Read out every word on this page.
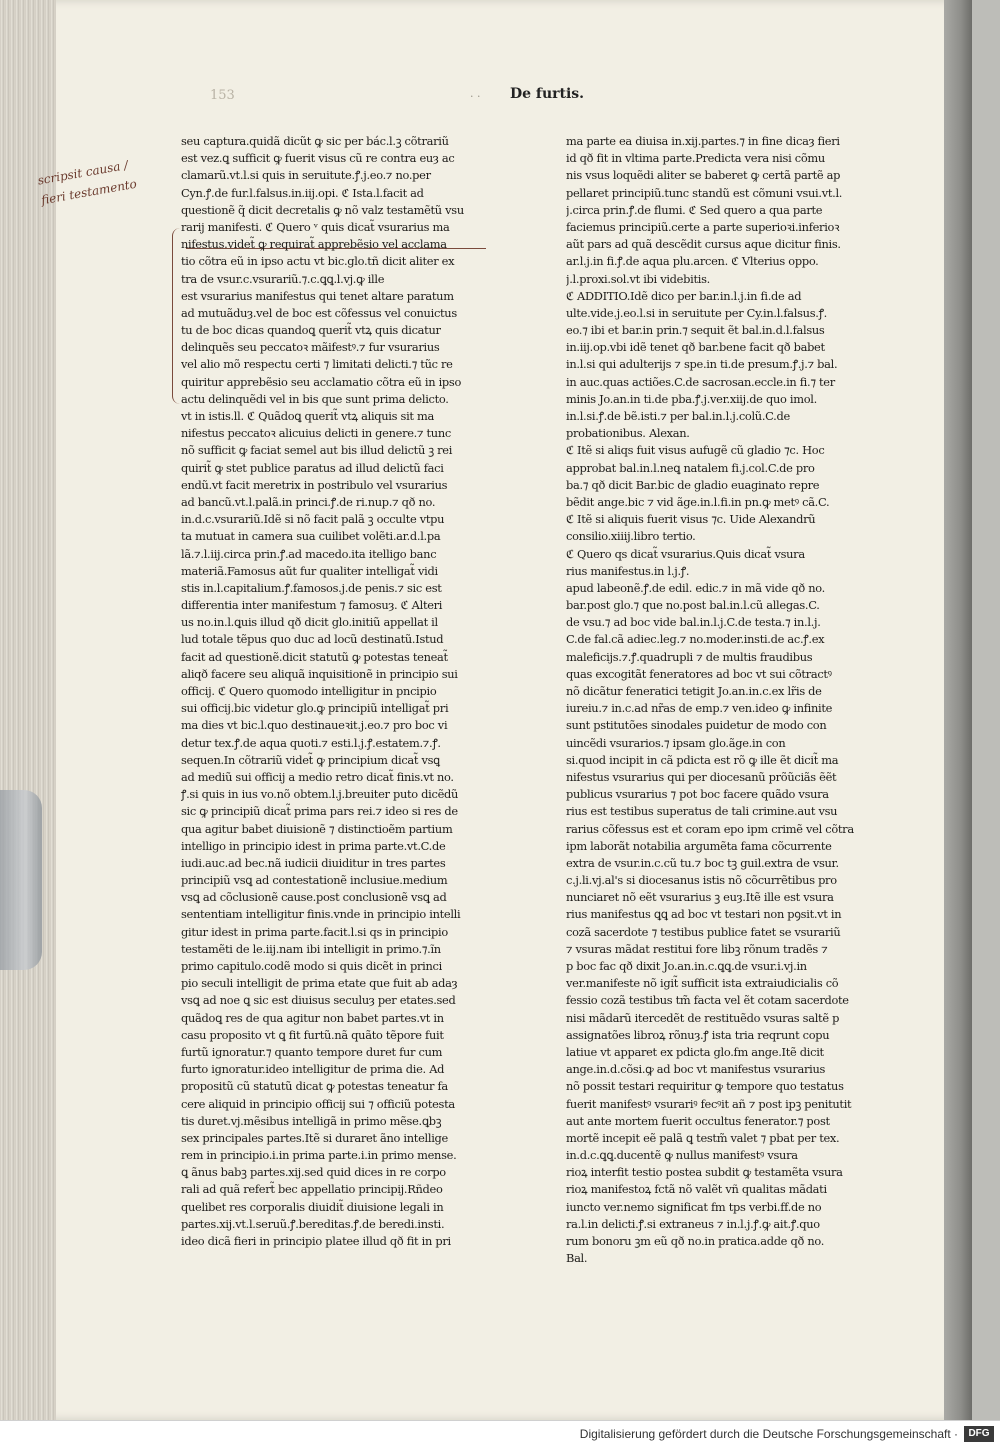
153	· · De furtis.
scripsit causa / fieri testamento
seu captura.quidã dicũt ꝙ sic per bác.l.ꝫ cõtrariũ
est vez.ꝗ sufficit ꝙ fuerit visus cũ re contra euȝ ac
clamarũ.vt.l.si quis in seruitute.ꝭ.j.eo.⁊ no.per
Cyn.ꝭ.de fur.l.falsus.in.iij.opi. ℭ Ista.l.facit ad
questionẽ q̃ dicit decretalis ꝙ nõ valz testamẽtũ vsu
rarij manifesti. ℭ Quero ᵛ quis dicat̃ vsurarius ma
nifestus.videt̃ ꝙ requirat̃ apprebẽsio vel acclama
tio cõtra eũ in ipso actu vt bic.glo.tñ dicit aliter ex
tra de vsur.c.vsurariũ.⁊.c.ꝗꝗ.l.vj.ꝙ ille
est vsurarius manifestus qui tenet altare paratum
ad mutuãduȝ.vel de boc est cõfessus vel conuictus
tu de boc dicas quandoꝗ querit̃ vtꝝ quis dicatur
delinquẽs seu peccatoꝛ mãifestꝰ.⁊ fur vsurarius
vel alio mõ respectu certi ⁊ limitati delicti.⁊ tũc re
quiritur apprebẽsio seu acclamatio cõtra eũ in ipso
actu delinquẽdi vel in bis que sunt prima delicto.
vt in istis.ll. ℭ Quãdoꝗ querit̃ vtꝝ aliquis sit ma
nifestus peccatoꝛ alicuius delicti in genere.⁊ tunc
nõ sufficit ꝙ faciat semel aut bis illud delictũ ꝫ rei
quirit̃ ꝙ stet publice paratus ad illud delictũ faci
endũ.vt facit meretrix in postribulo vel vsurarius
ad bancũ.vt.l.palã.in princi.ꝭ.de ri.nup.⁊ qð no.
in.d.c.vsurariũ.Idẽ si nõ facit palã ꝫ occulte vtpu
ta mutuat in camera sua cuilibet volẽti.ar.d.l.pa
lã.⁊.l.iij.circa prin.ꝭ.ad macedo.ita itelligo banc
materiã.Famosus aũt fur qualiter intelligat̃ vidi
stis in.l.capitalium.ꝭ.famosos.j.de penis.⁊ sic est
differentia inter manifestum ⁊ famosuȝ. ℭ Alteri
us no.in.l.ꝗuis illud qð dicit glo.initiũ appellat il
lud totale tẽpus quo duc ad locũ destinatũ.Istud
facit ad questionẽ.dicit statutũ ꝙ potestas teneat̃
aliqð facere seu aliquã inquisitionẽ in principio sui
officij. ℭ Quero quomodo intelligitur in pncipio
sui officij.bic videtur glo.ꝙ principiũ intelligat̃ pri
ma dies vt bic.l.quo destinaueꝛit.j.eo.⁊ pro boc vi
detur tex.ꝭ.de aqua quoti.⁊ esti.l.j.ꝭ.estatem.⁊.ꝭ.
sequen.In cõtrariũ videt̃ ꝙ principium dicat̃ vsꝗ
ad mediũ sui officij a medio retro dicat̃ finis.vt no.
ꝭ.si quis in ius vo.nõ obtem.l.j.breuiter puto dicẽdũ
sic ꝙ principiũ dicat̃ prima pars rei.⁊ ideo si res de
qua agitur babet diuisionẽ ⁊ distinctioẽm partium
intelligo in principio idest in prima parte.vt.C.de
iudi.auc.ad bec.nã iudicii diuiditur in tres partes
principiũ vsꝗ ad contestationẽ inclusiue.medium
vsꝗ ad cõclusionẽ cause.post conclusionẽ vsꝗ ad
sententiam intelligitur finis.vnde in principio intelli
gitur idest in prima parte.facit.l.si qs in principio
testamẽti de le.iij.nam ibi intelligit in primo.⁊.ĩn
primo capitulo.codẽ modo si quis dicẽt in princi
pio seculi intelligit de prima etate que fuit ab adaȝ
vsꝗ ad noe ꝗ sic est diuisus seculuȝ per etates.sed
quãdoꝗ res de qua agitur non babet partes.vt in
casu proposito vt ꝗ fit furtũ.nã quãto tẽpore fuit
furtũ ignoratur.⁊ quanto tempore duret fur cum
furto ignoratur.ideo intelligitur de prima die. Ad
propositũ cũ statutũ dicat ꝙ potestas teneatur fa
cere aliquid in principio officij sui ⁊ officiũ potesta
tis duret.vj.mẽsibus intelligã in primo mẽse.ꝗbꝫ
sex principales partes.Itẽ si duraret ãno intellige
rem in principio.i.in prima parte.i.in primo mense.
ꝗ ãnus babꝫ partes.xij.sed quid dices in re corpo
rali ad quã refert̃ bec appellatio principij.Rñdeo
quelibet res corporalis diuidit̃ diuisione legali in
partes.xij.vt.l.seruũ.ꝭ.bereditas.ꝭ.de beredi.insti.
ideo dicã fieri in principio platee illud qð fit in pri
ma parte ea diuisa in.xij.partes.⁊ in fine dicaȝ fieri
id qð fit in vltima parte.Predicta vera nisi cõmu
nis vsus loquẽdi aliter se baberet ꝙ certã partẽ ap
pellaret principiũ.tunc standũ est cõmuni vsui.vt.l.
j.circa prin.ꝭ.de flumi. ℭ Sed quero a qua parte
faciemus principiũ.certe a parte superioꝛi.inferioꝛ
aũt pars ad quã descẽdit cursus aque dicitur finis.
ar.l.j.in fi.ꝭ.de aqua plu.arcen. ℭ Vlterius oppo.
j.l.proxi.sol.vt ibi videbitis.
ℭ ADDITIO.Idẽ dico per bar.in.l.j.in fi.de ad
ulte.vide.j.eo.l.si in seruitute per Cy.in.l.falsus.ꝭ.
eo.⁊ ibi et bar.in prin.⁊ sequit ẽt bal.in.d.l.falsus
in.iij.op.vbi idẽ tenet qð bar.bene facit qð babet
in.l.si qui adulterijs ⁊ spe.in ti.de presum.ꝭ.j.⁊ bal.
in auc.quas actiões.C.de sacrosan.eccle.in fi.⁊ ter
minis Jo.an.in ti.de pba.ꝭ.j.ver.xiij.de quo imol.
in.l.si.ꝭ.de bẽ.isti.⁊ per bal.in.l.j.colũ.C.de
probationibus. Alexan.
ℭ Itẽ si aliqs fuit visus aufugẽ cũ gladio ⁊c. Hoc
approbat bal.in.l.neꝗ natalem fi.j.col.C.de pro
ba.⁊ qð dicit Bar.bic de gladio euaginato repre
bẽdit ange.bic ⁊ vid ãge.in.l.fi.in pn.ꝙ metꝰ cã.C.
ℭ Itẽ si aliquis fuerit visus ⁊c. Uide Alexandrũ
consilio.xiiij.libro tertio.
ℭ Quero qs dicat̃ vsurarius.Quis dicat̃ vsura
rius manifestus.in l.j.ꝭ.
apud labeonẽ.ꝭ.de edil. edic.⁊ in mã vide qð no.
bar.post glo.⁊ que no.post bal.in.l.cũ allegas.C.
de vsu.⁊ ad boc vide bal.in.l.j.C.de testa.⁊ in.l.j.
C.de fal.cã adiec.leg.⁊ no.moder.insti.de ac.ꝭ.ex
maleficijs.⁊.ꝭ.quadrupli ⁊ de multis fraudibus
quas excogitãt feneratores ad boc vt sui cõtractꝰ
nõ dicãtur feneratici tetigit Jo.an.in.c.ex lr̃is de
iureiu.⁊ in.c.ad nr̃as de emp.⁊ ven.ideo ꝙ infinite
sunt pstitutões sinodales puidetur de modo con
uincẽdi vsurarios.⁊ ipsam glo.ãge.in con
si.quod incipit in cã pdicta est rõ ꝙ ille ẽt dicit̃ ma
nifestus vsurarius qui per diocesanũ prõũciãs ẽẽt
publicus vsurarius ⁊ pot boc facere quãdo vsura
rius est testibus superatus de tali crimine.aut vsu
rarius cõfessus est et coram epo ipm crimẽ vel cõtra
ipm laborãt notabilia argumẽta fama cõcurrente
extra de vsur.in.c.cũ tu.⁊ boc tꝫ guil.extra de vsur.
c.j.li.vj.al's si diocesanus istis nõ cõcurrẽtibus pro
nunciaret nõ eẽt vsurarius ꝫ euȝ.Itẽ ille est vsura
rius manifestus ꝗꝗ ad boc vt testari non pꝯsit.vt in
cozã sacerdote ⁊ testibus publice fatet se vsurariũ
⁊ vsuras mãdat restitui fore libꝫ rõnum tradẽs ⁊
p boc fac qð dixit Jo.an.in.c.ꝗꝗ.de vsur.i.vj.in
ver.manifeste nõ igit̃ sufficit ista extraiudicialis cõ
fessio cozã testibus tm̃ facta vel ẽt cotam sacerdote
nisi mãdarũ itercedẽt de restituẽdo vsuras saltẽ p
assignatões libroꝝ rõnuȝ.ꝭ ista tria reqrunt copu
latiue vt apparet ex pdicta glo.fm ange.Itẽ dicit
ange.in.d.cõsi.ꝙ ad boc vt manifestus vsurarius
nõ possit testari requiritur ꝙ tempore quo testatus
fuerit manifestꝰ vsurariꝰ fecꝰit añ ⁊ post ipꝫ penitutit
aut ante mortem fuerit occultus fenerator.⁊ post
mortẽ incepit eẽ palã ꝗ testm̃ valet ⁊ pbat per tex.
in.d.c.ꝗꝗ.ducentẽ ꝙ nullus manifestꝰ vsura
rioꝝ interfit testio postea subdit ꝙ testamẽta vsura
rioꝝ manifestoꝝ fctã nõ valẽt vñ qualitas mãdati
iuncto ver.nemo significat fm tps verbi.ff.de no
ra.l.in delicti.ꝭ.si extraneus ⁊ in.l.j.ꝭ.ꝙ ait.ꝭ.quo
rum bonoru ꝫm eũ qð no.in pratica.adde qð no.
Bal.
Digitalisierung gefördert durch die Deutsche Forschungsgemeinschaft ·	DFG
